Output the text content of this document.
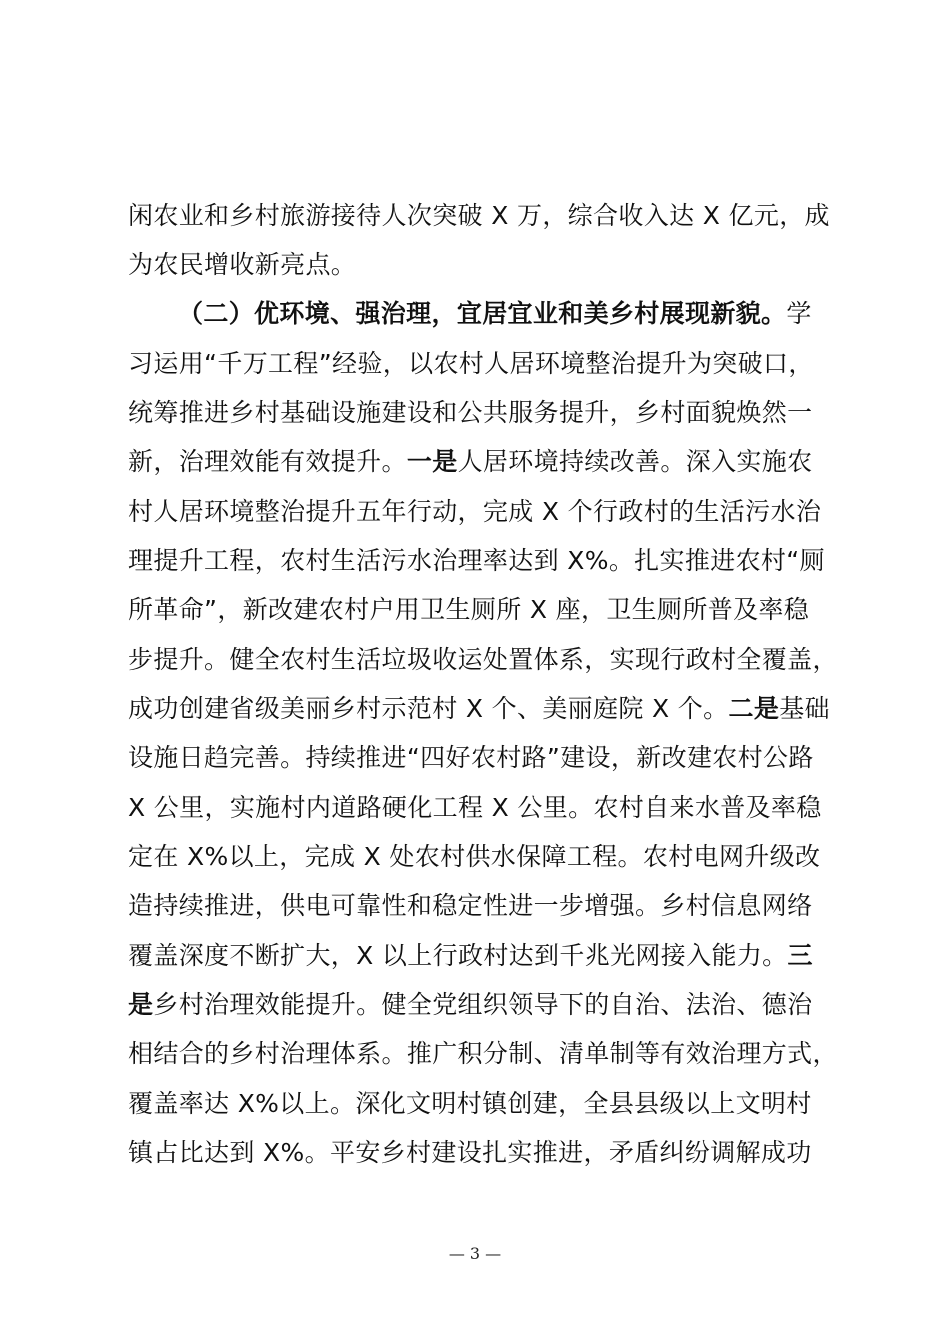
闲农业和乡村旅游接待人次突破 X 万，综合收入达 X 亿元，成
为农民增收新亮点。
（二）优环境、强治理，宜居宜业和美乡村展现新貌。学
习运用“千万工程”经验，以农村人居环境整治提升为突破口，
统筹推进乡村基础设施建设和公共服务提升，乡村面貌焕然一
新，治理效能有效提升。一是人居环境持续改善。深入实施农
村人居环境整治提升五年行动，完成 X 个行政村的生活污水治
理提升工程，农村生活污水治理率达到 X%。扎实推进农村“厕
所革命”，新改建农村户用卫生厕所 X 座，卫生厕所普及率稳
步提升。健全农村生活垃圾收运处置体系，实现行政村全覆盖，
成功创建省级美丽乡村示范村 X 个、美丽庭院 X 个。二是基础
设施日趋完善。持续推进“四好农村路”建设，新改建农村公路
X 公里，实施村内道路硬化工程 X 公里。农村自来水普及率稳
定在 X%以上，完成 X 处农村供水保障工程。农村电网升级改
造持续推进，供电可靠性和稳定性进一步增强。乡村信息网络
覆盖深度不断扩大，X 以上行政村达到千兆光网接入能力。三
是乡村治理效能提升。健全党组织领导下的自治、法治、德治
相结合的乡村治理体系。推广积分制、清单制等有效治理方式，
覆盖率达 X%以上。深化文明村镇创建，全县县级以上文明村
镇占比达到 X%。平安乡村建设扎实推进，矛盾纠纷调解成功
— 3 —
